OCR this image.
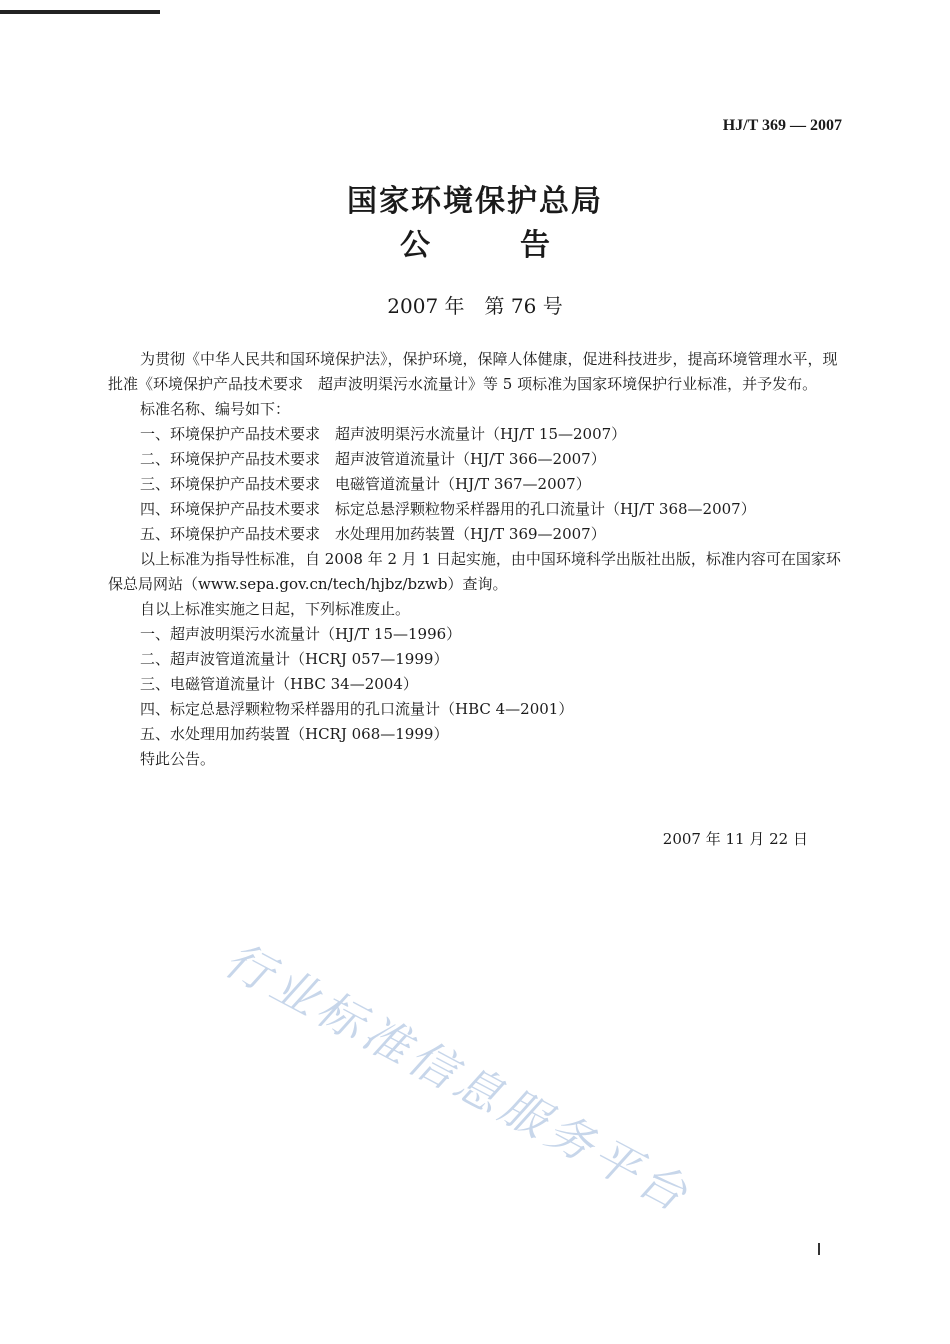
HJ/T 369 — 2007
国家环境保护总局
公告
2007 年　第 76 号

为贯彻《中华人民共和国环境保护法》，保护环境，保障人体健康，促进科技进步，提高环境管理水平，现批准《环境保护产品技术要求　超声波明渠污水流量计》等 5 项标准为国家环境保护行业标准，并予发布。

标准名称、编号如下：

一、环境保护产品技术要求　超声波明渠污水流量计（HJ/T 15—2007）

二、环境保护产品技术要求　超声波管道流量计（HJ/T 366—2007）

三、环境保护产品技术要求　电磁管道流量计（HJ/T 367—2007）

四、环境保护产品技术要求　标定总悬浮颗粒物采样器用的孔口流量计（HJ/T 368—2007）

五、环境保护产品技术要求　水处理用加药装置（HJ/T 369—2007）

以上标准为指导性标准，自 2008 年 2 月 1 日起实施，由中国环境科学出版社出版，标准内容可在国家环保总局网站（www.sepa.gov.cn/tech/hjbz/bzwb）查询。

自以上标准实施之日起，下列标准废止。

一、超声波明渠污水流量计（HJ/T 15—1996）

二、超声波管道流量计（HCRJ 057—1999）

三、电磁管道流量计（HBC 34—2004）

四、标定总悬浮颗粒物采样器用的孔口流量计（HBC 4—2001）

五、水处理用加药装置（HCRJ 068—1999）

特此公告。

2007 年 11 月 22 日
行业标准信息服务平台
